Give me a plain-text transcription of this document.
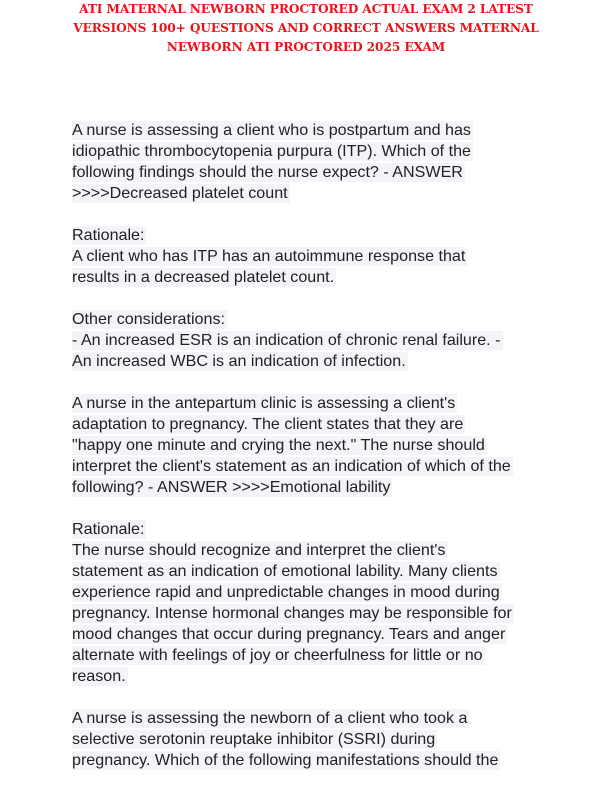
ATI MATERNAL NEWBORN PROCTORED ACTUAL EXAM 2 LATEST
VERSIONS 100+ QUESTIONS AND CORRECT ANSWERS MATERNAL
NEWBORN ATI PROCTORED 2025 EXAM
A nurse is assessing a client who is postpartum and has
idiopathic thrombocytopenia purpura (ITP). Which of the
following findings should the nurse expect? - ANSWER
>>>>Decreased platelet count
Rationale:
A client who has ITP has an autoimmune response that
results in a decreased platelet count.
Other considerations:
- An increased ESR is an indication of chronic renal failure. -
An increased WBC is an indication of infection.
A nurse in the antepartum clinic is assessing a client's
adaptation to pregnancy. The client states that they are
"happy one minute and crying the next." The nurse should
interpret the client's statement as an indication of which of the
following? - ANSWER >>>>Emotional lability
Rationale:
The nurse should recognize and interpret the client's
statement as an indication of emotional lability. Many clients
experience rapid and unpredictable changes in mood during
pregnancy. Intense hormonal changes may be responsible for
mood changes that occur during pregnancy. Tears and anger
alternate with feelings of joy or cheerfulness for little or no
reason.
A nurse is assessing the newborn of a client who took a
selective serotonin reuptake inhibitor (SSRI) during
pregnancy. Which of the following manifestations should the
